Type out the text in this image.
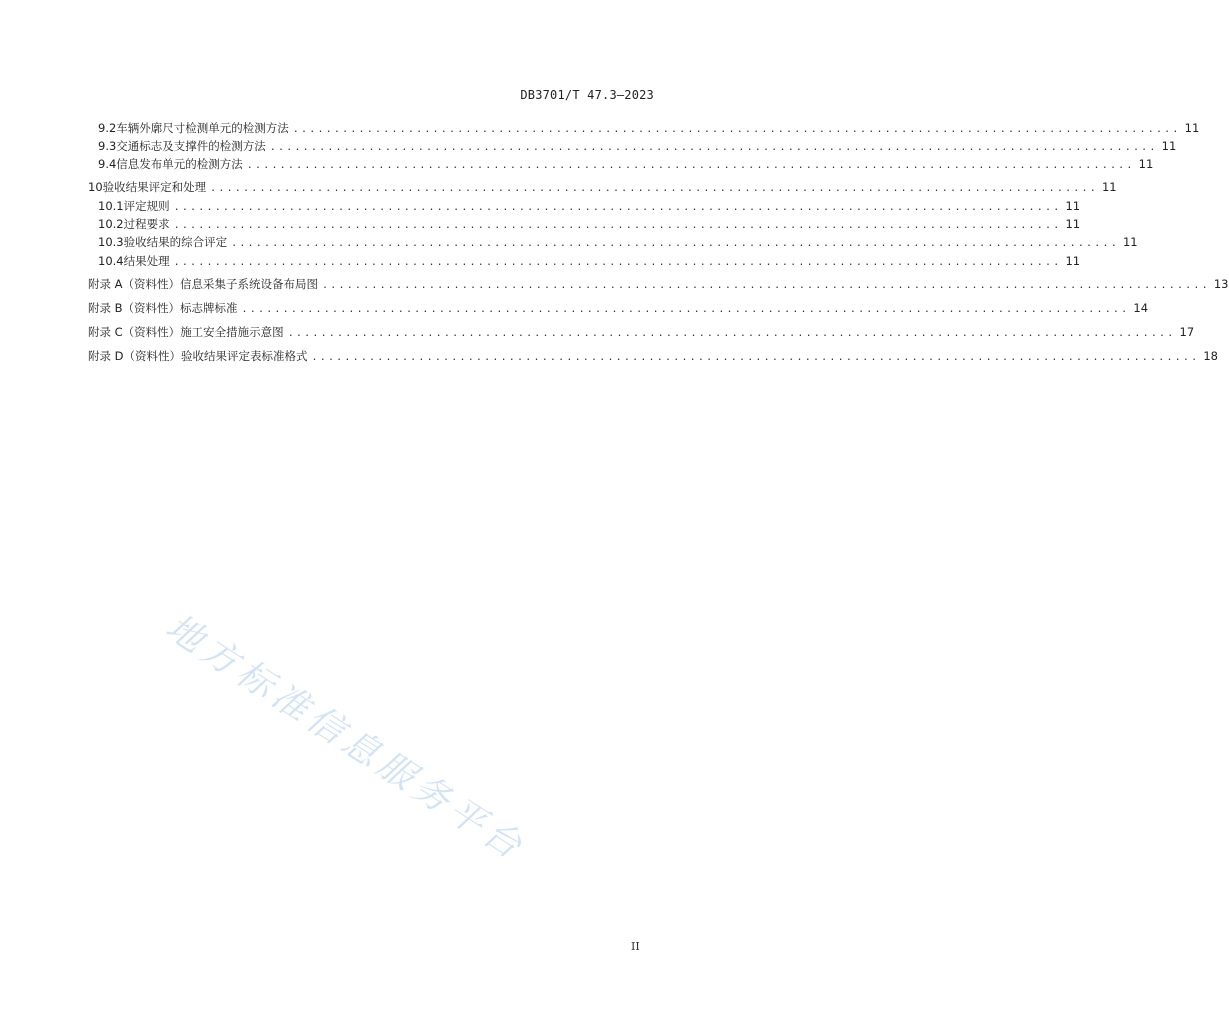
DB3701/T 47.3—2023
9.2 车辆外廓尺寸检测单元的检测方法 ............................................................................................................ 11
9.3 交通标志及支撑件的检测方法 ............................................................................................................ 11
9.4 信息发布单元的检测方法 ............................................................................................................ 11
10 验收结果评定和处理 ............................................................................................................ 11
10.1 评定规则 ............................................................................................................ 11
10.2 过程要求 ............................................................................................................ 11
10.3 验收结果的综合评定 ............................................................................................................ 11
10.4 结果处理 ............................................................................................................ 11
附录 A（资料性） 信息采集子系统设备布局图 ............................................................................................................ 13
附录 B（资料性） 标志牌标准 ............................................................................................................ 14
附录 C（资料性） 施工安全措施示意图 ............................................................................................................ 17
附录 D（资料性） 验收结果评定表标准格式 ............................................................................................................ 18
地方标准信息服务平台
II
